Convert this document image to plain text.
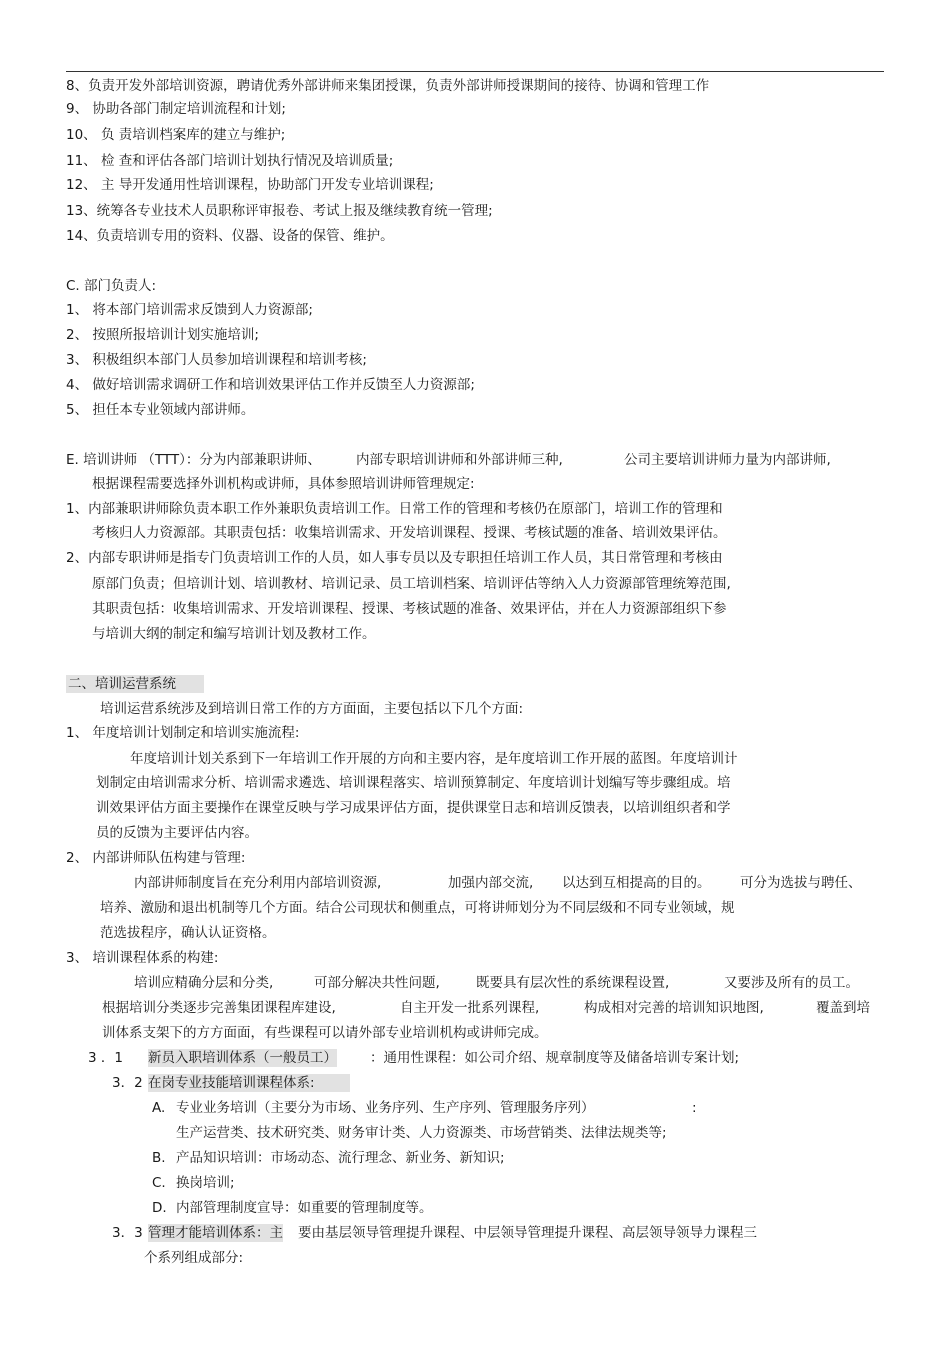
8、负责开发外部培训资源，聘请优秀外部讲师来集团授课，负责外部讲师授课期间的接待、协调和管理工作
9、 协助各部门制定培训流程和计划;
10、 负 责培训档案库的建立与维护;
11、 检 查和评估各部门培训计划执行情况及培训质量;
12、 主 导开发通用性培训课程，协助部门开发专业培训课程;
13、统筹各专业技术人员职称评审报卷、考试上报及继续教育统一管理;
14、负责培训专用的资料、仪器、设备的保管、维护。
C. 部门负责人:
1、 将本部门培训需求反馈到人力资源部;
2、 按照所报培训计划实施培训;
3、 积极组织本部门人员参加培训课程和培训考核;
4、 做好培训需求调研工作和培训效果评估工作并反馈至人力资源部;
5、 担任本专业领域内部讲师。
E. 培训讲师 （TTT）：分为内部兼职讲师、	内部专职培训讲师和外部讲师三种,	公司主要培训讲师力量为内部讲师,
根据课程需要选择外训机构或讲师，具体参照培训讲师管理规定:
1、内部兼职讲师除负责本职工作外兼职负责培训工作。日常工作的管理和考核仍在原部门，培训工作的管理和
考核归人力资源部。其职责包括：收集培训需求、开发培训课程、授课、考核试题的准备、培训效果评估。
2、内部专职讲师是指专门负责培训工作的人员，如人事专员以及专职担任培训工作人员，其日常管理和考核由
原部门负责；但培训计划、培训教材、培训记录、员工培训档案、培训评估等纳入人力资源部管理统筹范围,
其职责包括：收集培训需求、开发培训课程、授课、考核试题的准备、效果评估，并在人力资源部组织下参
与培训大纲的制定和编写培训计划及教材工作。
二、培训运营系统
培训运营系统涉及到培训日常工作的方方面面，主要包括以下几个方面:
1、 年度培训计划制定和培训实施流程:
年度培训计划关系到下一年培训工作开展的方向和主要内容，是年度培训工作开展的蓝图。年度培训计
划制定由培训需求分析、培训需求遴选、培训课程落实、培训预算制定、年度培训计划编写等步骤组成。培
训效果评估方面主要操作在课堂反映与学习成果评估方面，提供课堂日志和培训反馈表，以培训组织者和学
员的反馈为主要评估内容。
2、 内部讲师队伍构建与管理:
内部讲师制度旨在充分利用内部培训资源,	加强内部交流, 以达到互相提高的目的。 可分为选拔与聘任、
培养、激励和退出机制等几个方面。结合公司现状和侧重点，可将讲师划分为不同层级和不同专业领域，规
范选拔程序，确认认证资格。
3、 培训课程体系的构建:
培训应精确分层和分类,	可部分解决共性问题,	既要具有层次性的系统课程设置,	又要涉及所有的员工。
根据培训分类逐步完善集团课程库建设,	自主开发一批系列课程,	构成相对完善的培训知识地图,	覆盖到培
训体系支架下的方方面面，有些课程可以请外部专业培训机构或讲师完成。
3 ．1 新员入职培训体系（一般员工） ：通用性课程：如公司介绍、规章制度等及储备培训专案计划;
3．2 在岗专业技能培训课程体系:
A. 专业业务培训（主要分为市场、业务序列、生产序列、管理服务序列）	:
生产运营类、技术研究类、财务审计类、人力资源类、市场营销类、法律法规类等;
B. 产品知识培训：市场动态、流行理念、新业务、新知识;
C. 换岗培训;
D. 内部管理制度宣导：如重要的管理制度等。
3．3 管理才能培训体系：主 要由基层领导管理提升课程、中层领导管理提升课程、高层领导领导力课程三
个系列组成部分:
